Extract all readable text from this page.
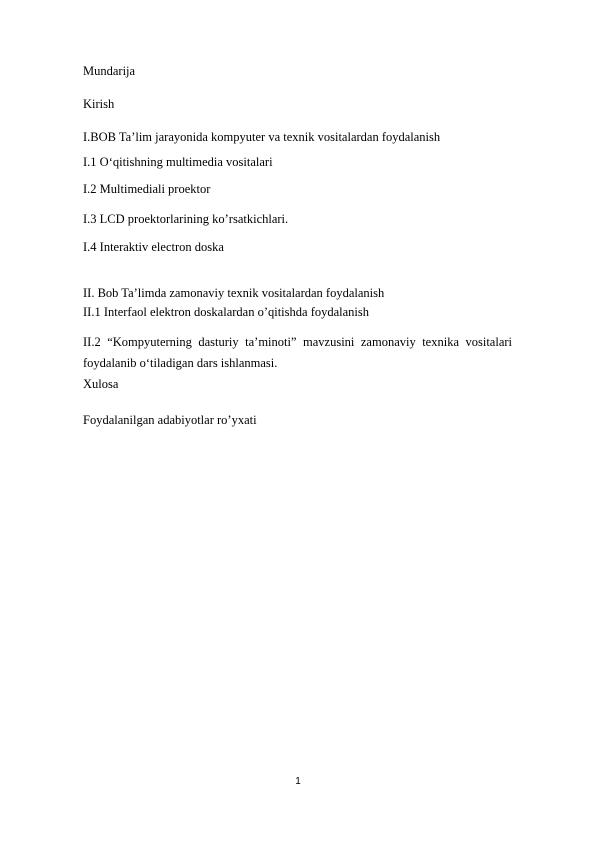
Mundarija
Kirish
I.BOB Ta’lim jarayonida kompyuter va texnik vositalardan foydalanish
I.1 O‘qitishning multimedia vositalari
I.2 Multimediali proektor
I.3 LCD proektorlarining ko’rsatkichlari.
I.4 Interaktiv electron doska
II. Bob Ta’limda zamonaviy texnik vositalardan foydalanish
II.1 Interfaol elektron doskalardan o’qitishda foydalanish
II.2 “Kompyuterning dasturiy ta’minoti” mavzusini zamonaviy texnika vositalari foydalanib o‘tiladigan dars ishlanmasi.
Xulosa
Foydalanilgan adabiyotlar ro’yxati
1
